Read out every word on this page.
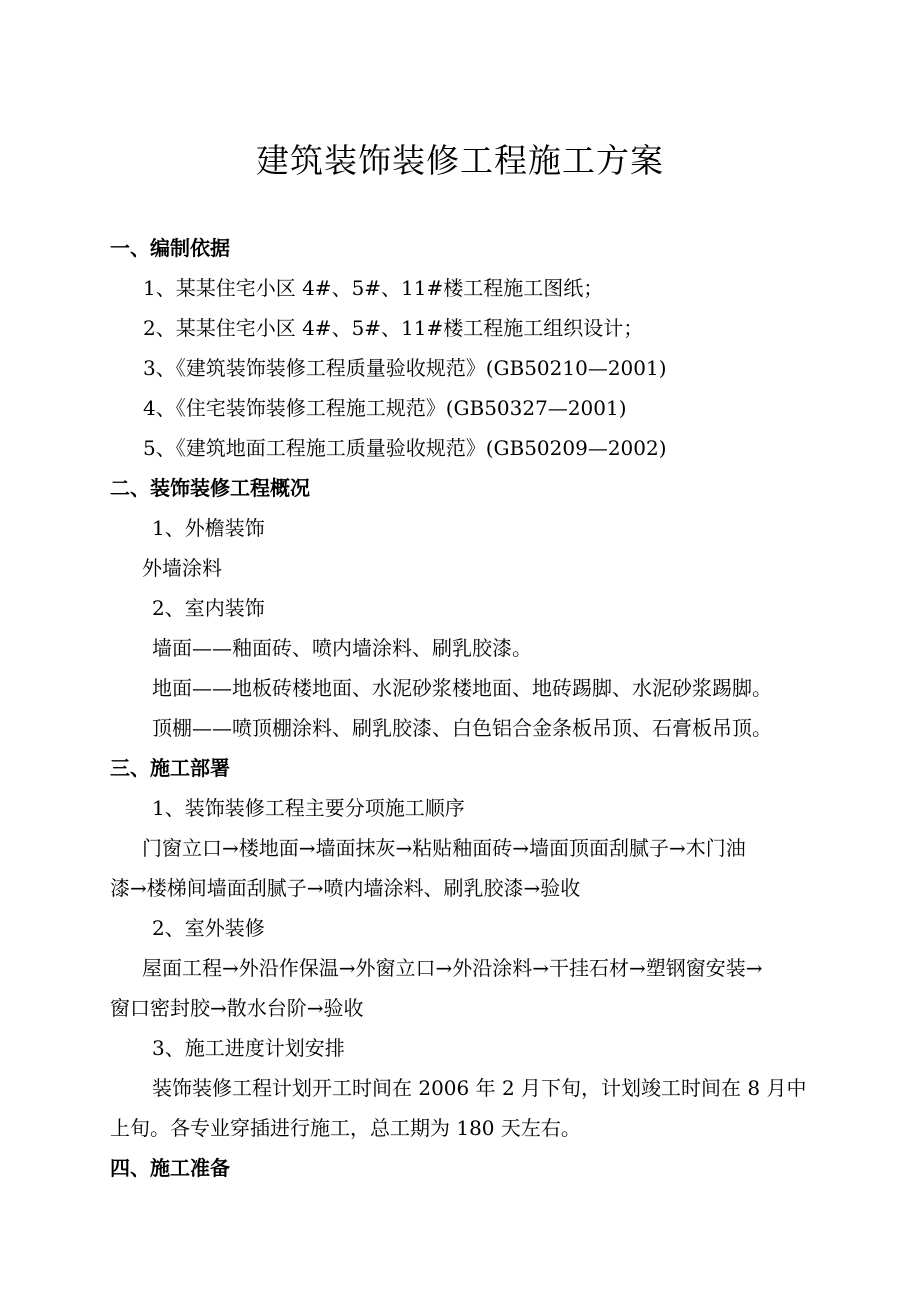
建筑装饰装修工程施工方案

一、编制依据

1、某某住宅小区 4#、5#、11#楼工程施工图纸；

2、某某住宅小区 4#、5#、11#楼工程施工组织设计；

3、《建筑装饰装修工程质量验收规范》(GB50210—2001)

4、《住宅装饰装修工程施工规范》(GB50327—2001)

5、《建筑地面工程施工质量验收规范》(GB50209—2002)

二、装饰装修工程概况

1、外檐装饰

外墙涂料

2、室内装饰

墙面——釉面砖、喷内墙涂料、刷乳胶漆。

地面——地板砖楼地面、水泥砂浆楼地面、地砖踢脚、水泥砂浆踢脚。

顶棚——喷顶棚涂料、刷乳胶漆、白色铝合金条板吊顶、石膏板吊顶。

三、施工部署

1、装饰装修工程主要分项施工顺序

门窗立口→楼地面→墙面抹灰→粘贴釉面砖→墙面顶面刮腻子→木门油

漆→楼梯间墙面刮腻子→喷内墙涂料、刷乳胶漆→验收

2、室外装修

屋面工程→外沿作保温→外窗立口→外沿涂料→干挂石材→塑钢窗安装→

窗口密封胶→散水台阶→验收

3、施工进度计划安排

装饰装修工程计划开工时间在 2006 年 2 月下旬，计划竣工时间在 8 月中

上旬。各专业穿插进行施工，总工期为 180 天左右。

四、施工准备
